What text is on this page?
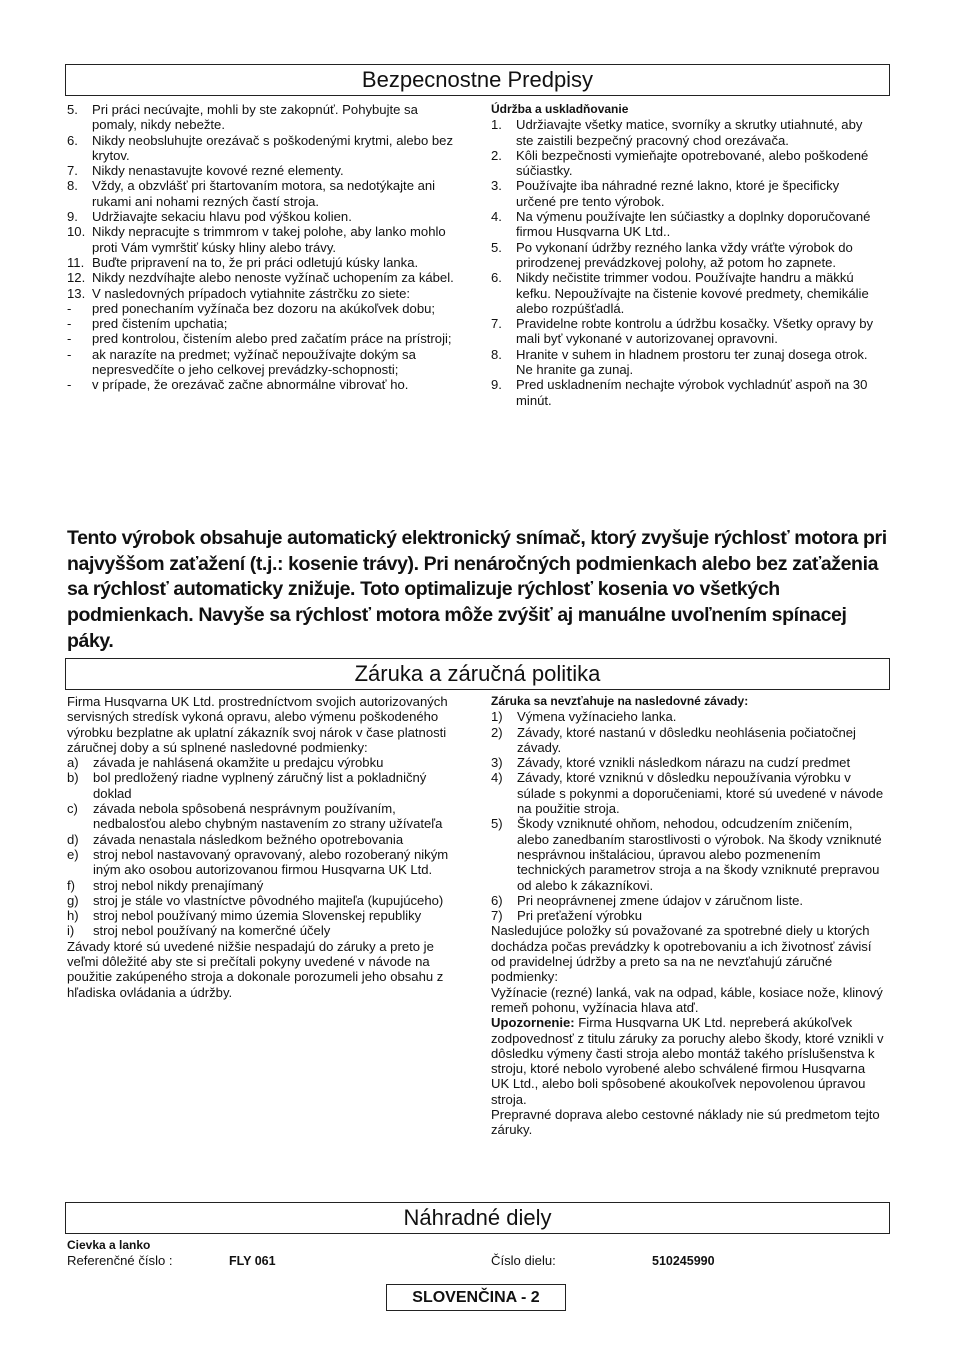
Bezpecnostne Predpisy
5.	Pri práci necúvajte, mohli by ste zakopnúť. Pohybujte sa pomaly, nikdy nebežte.
6.	Nikdy neobsluhujte orezávač s poškodenými krytmi, alebo bez krytov.
7.	Nikdy nenastavujte kovové rezné elementy.
8.	Vždy, a obzvlášť pri štartovaním motora, sa nedotýkajte ani rukami ani nohami rezných častí stroja.
9.	Udržiavajte sekaciu hlavu pod výškou kolien.
10. Nikdy nepracujte s trimmrom v takej polohe, aby lanko mohlo proti Vám vymrštiť kúsky hliny alebo trávy.
11. Buďte pripravení na to, že pri práci odletujú kúsky lanka.
12. Nikdy nezdvíhajte alebo nenoste vyžínač uchopením za kábel.
13. V nasledovných prípadoch vytiahnite zástrčku zo siete:
-	pred ponechaním vyžínača bez dozoru na akúkoľvek dobu;
-	pred čistením upchatia;
-	pred kontrolou, čistením alebo pred začatím práce na prístroji;
-	ak narazíte na predmet; vyžínač nepoužívajte dokým sa nepresvedčíte o jeho celkovej prevádzky-schopnosti;
-	v prípade, že orezávač začne abnormálne vibrovať ho.
Údržba a uskladňovanie
1.	Udržiavajte všetky matice, svorníky a skrutky utiahnuté, aby ste zaistili bezpečný pracovný chod orezávača.
2.	Kôli bezpečnosti vymieňajte opotrebované, alebo poškodené súčiastky.
3.	Používajte iba náhradné rezné lakno, ktoré je špecificky určené pre tento výrobok.
4.	Na výmenu používajte len súčiastky a doplnky doporučované firmou Husqvarna UK Ltd..
5.	Po vykonaní údržby rezného lanka vždy vráťte výrobok do prirodzenej prevádzkovej polohy, až potom ho zapnete.
6.	Nikdy nečistite trimmer vodou. Používajte handru a mäkkú kefku. Nepoužívajte na čistenie kovové predmety, chemikálie alebo rozpúšťadlá.
7.	Pravidelne robte kontrolu a údržbu kosačky. Všetky opravy by mali byť vykonané v autorizovanej opravovni.
8.	Hranite v suhem in hladnem prostoru ter zunaj dosega otrok. Ne hranite ga zunaj.
9.	Pred uskladnením nechajte výrobok vychladnúť aspoň na 30 minút.
Tento výrobok obsahuje automatický elektronický snímač, ktorý zvyšuje rýchlosť motora pri najvyššom zaťažení (t.j.: kosenie trávy). Pri nenáročných podmienkach alebo bez zaťaženia sa rýchlosť automaticky znižuje. Toto optimalizuje rýchlosť kosenia vo všetkých podmienkach. Navyše sa rýchlosť motora môže zvýšiť aj manuálne uvoľnením spínacej páky.
Záruka a záručná politika
Firma Husqvarna UK Ltd. prostredníctvom svojich autorizovaných servisných stredísk vykoná opravu, alebo výmenu poškodeného výrobku bezplatne ak uplatní zákazník svoj nárok v čase platnosti záručnej doby a sú splnené nasledovné podmienky:
a)	závada je nahlásená okamžite u predajcu výrobku
b)	bol predložený riadne vyplnený záručný list a pokladničný doklad
c)	závada nebola spôsobená nesprávnym používaním, nedbalosťou alebo chybným nastavením zo strany užívateľa
d)	závada nenastala následkom bežného opotrebovania
e)	stroj nebol nastavovaný opravovaný, alebo rozoberaný nikým iným ako osobou autorizovanou firmou Husqvarna UK Ltd.
f)	stroj nebol nikdy prenajímaný
g)	stroj je stále vo vlastníctve pôvodného majiteľa (kupujúceho)
h)	stroj nebol používaný mimo územia Slovenskej republiky
i)	stroj nebol používaný na komerčné účely
Závady ktoré sú uvedené nižšie nespadajú do záruky a preto je veľmi dôležité aby ste si prečítali pokyny uvedené v návode na použitie zakúpeného stroja a dokonale porozumeli jeho obsahu z hľadiska ovládania a údržby.
Záruka sa nevzťahuje na nasledovné závady:
1)	Výmena vyžínacieho lanka.
2)	Závady, ktoré nastanú v dôsledku neohlásenia počiatočnej závady.
3)	Závady, ktoré vznikli následkom nárazu na cudzí predmet
4)	Závady, ktoré vzniknú v dôsledku nepoužívania výrobku v súlade s pokynmi a doporučeniami, ktoré sú uvedené v návode na použitie stroja.
5)	Škody vzniknuté ohňom, nehodou, odcudzením zničením, alebo zanedbaním starostlivosti o výrobok. Na škody vzniknuté nesprávnou inštaláciou, úpravou alebo pozmenením technických parametrov stroja a na škody vzniknuté prepravou od alebo k zákazníkovi.
6)	Pri neoprávnenej zmene údajov v záručnom liste.
7)	Pri preťažení výrobku
Nasledujúce položky sú považované za spotrebné diely u ktorých dochádza počas prevádzky k opotrebovaniu a ich životnosť závisí od pravidelnej údržby a preto sa na ne nevzťahujú záručné podmienky:
Vyžínacie (rezné) lanká, vak na odpad, káble, kosiace nože, klinový remeň pohonu, vyžínacia hlava atď.
Upozornenie: Firma Husqvarna UK Ltd. nepreberá akúkoľvek zodpovednosť z titulu záruky za poruchy alebo škody, ktoré vznikli v dôsledku výmeny časti stroja alebo montáž takého príslušenstva k stroju, ktoré nebolo vyrobené alebo schválené firmou Husqvarna UK Ltd., alebo boli spôsobené akoukoľvek nepovolenou úpravou stroja.
Prepravné doprava alebo cestovné náklady nie sú predmetom tejto záruky.
Náhradné diely
Cievka a lanko
Referenčné číslo :	FLY 061	Číslo dielu:	510245990
SLOVENČINA - 2
